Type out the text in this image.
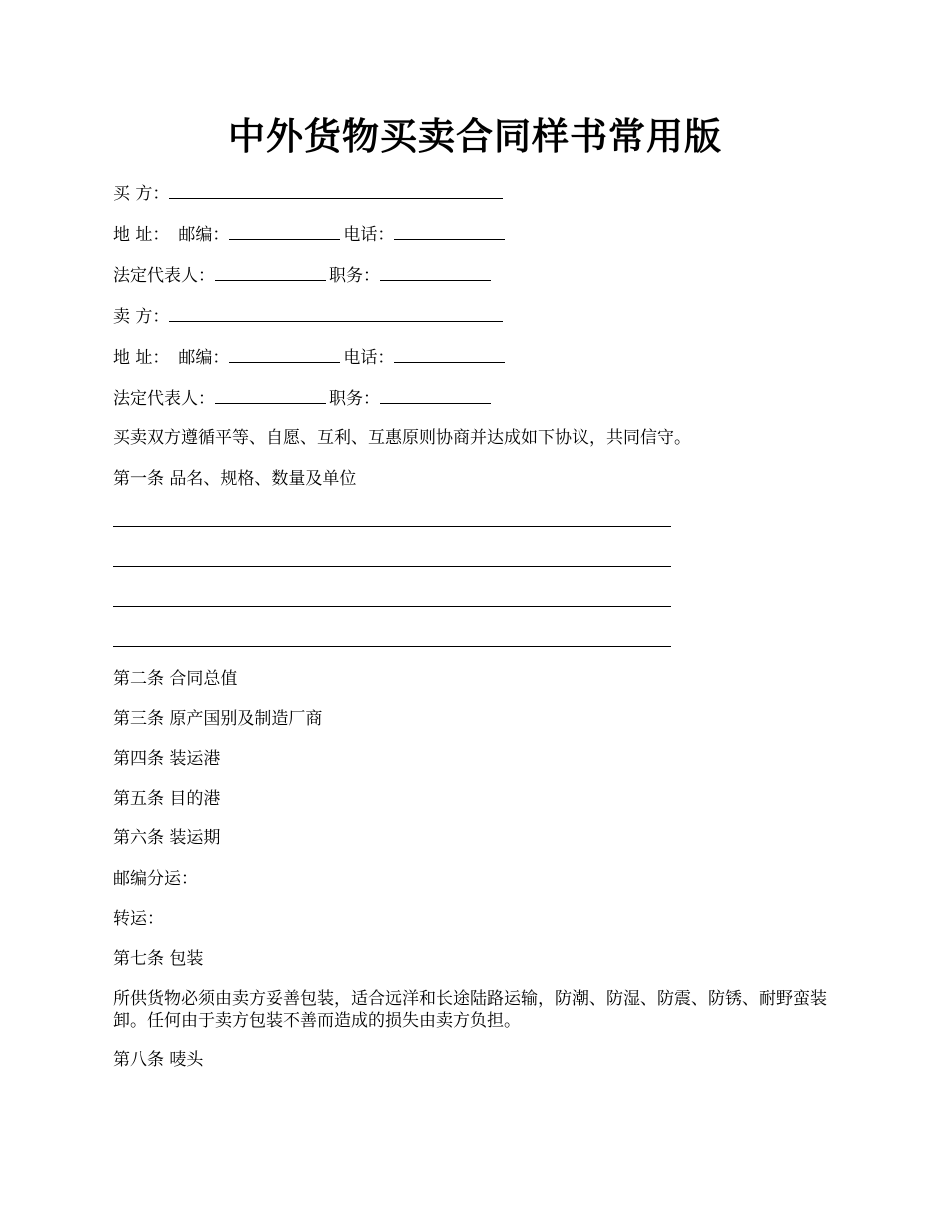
中外货物买卖合同样书常用版
买 方：
地 址： 邮编：	电话：
法定代表人：	职务：
卖 方：
地 址： 邮编：	电话：
法定代表人：	职务：
买卖双方遵循平等、自愿、互利、互惠原则协商并达成如下协议，共同信守。
第一条 品名、规格、数量及单位
第二条 合同总值
第三条 原产国别及制造厂商
第四条 装运港
第五条 目的港
第六条 装运期
邮编分运：
转运：
第七条 包装
所供货物必须由卖方妥善包装，适合远洋和长途陆路运输，防潮、防湿、防震、防锈、耐野蛮装卸。任何由于卖方包装不善而造成的损失由卖方负担。
第八条 唛头
